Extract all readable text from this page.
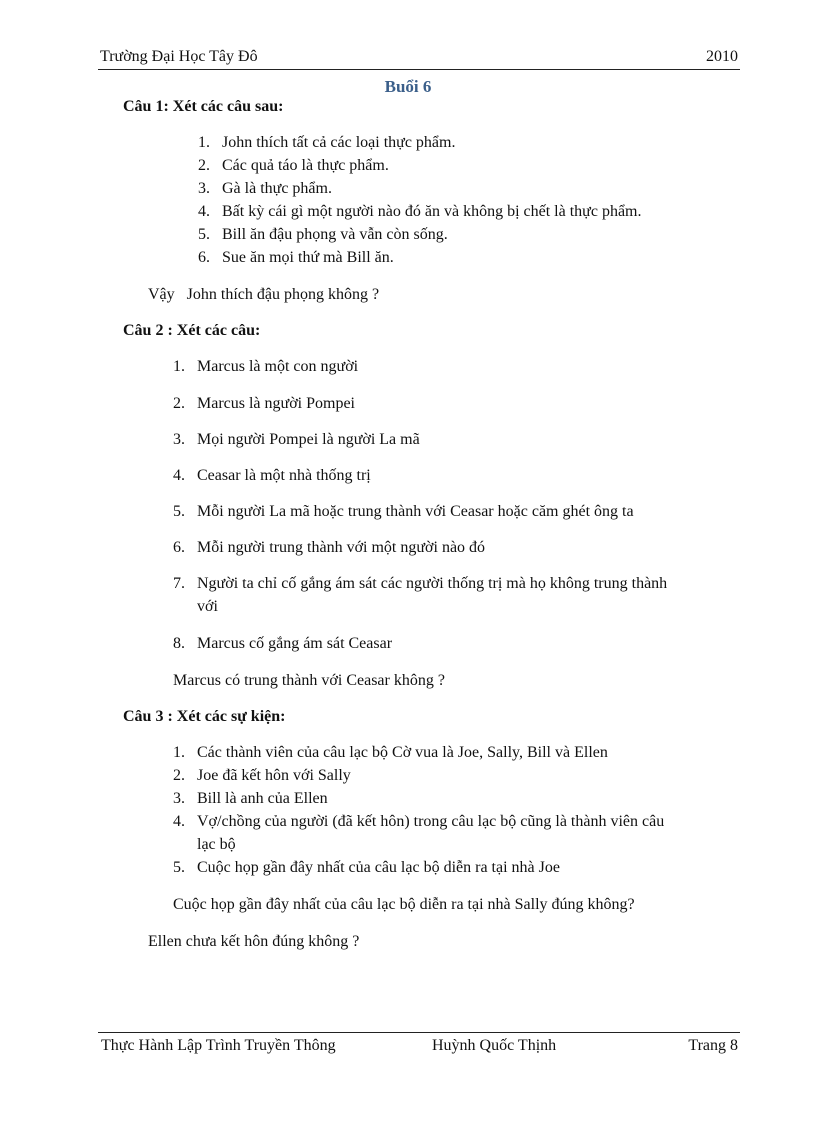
Trường Đại Học Tây Đô	2010
Buổi 6
Câu 1: Xét các câu sau:
1. John thích tất cả các loại thực phẩm.
2. Các quả táo là thực phẩm.
3. Gà là thực phẩm.
4. Bất kỳ cái gì một người nào đó ăn và không bị chết là thực phẩm.
5. Bill ăn đậu phọng và vẫn còn sống.
6. Sue ăn mọi thứ mà Bill ăn.
Vậy   John thích đậu phọng không ?
Câu 2 : Xét các câu:
1. Marcus là một con người
2. Marcus là người Pompei
3. Mọi người Pompei là người La mã
4. Ceasar là một nhà thống trị
5. Mỗi người La mã hoặc trung thành với Ceasar hoặc căm ghét ông ta
6. Mỗi người trung thành với một người nào đó
7. Người ta chỉ cố gắng ám sát các người thống trị mà họ không trung thành
với
8. Marcus cố gắng ám sát Ceasar
Marcus có trung thành với Ceasar không ?
Câu 3 : Xét các sự kiện:
1. Các thành viên của câu lạc bộ Cờ vua là Joe, Sally, Bill và Ellen
2. Joe đã kết hôn với Sally
3. Bill là anh của Ellen
4. Vợ/chồng của người (đã kết hôn) trong câu lạc bộ cũng là thành viên câu
lạc bộ
5. Cuộc họp gần đây nhất của câu lạc bộ diễn ra tại nhà Joe
Cuộc họp gần đây nhất của câu lạc bộ diễn ra tại nhà Sally đúng không?
Ellen chưa kết hôn đúng không ?
Thực Hành Lập Trình Truyền Thông	Huỳnh Quốc Thịnh	Trang 8
